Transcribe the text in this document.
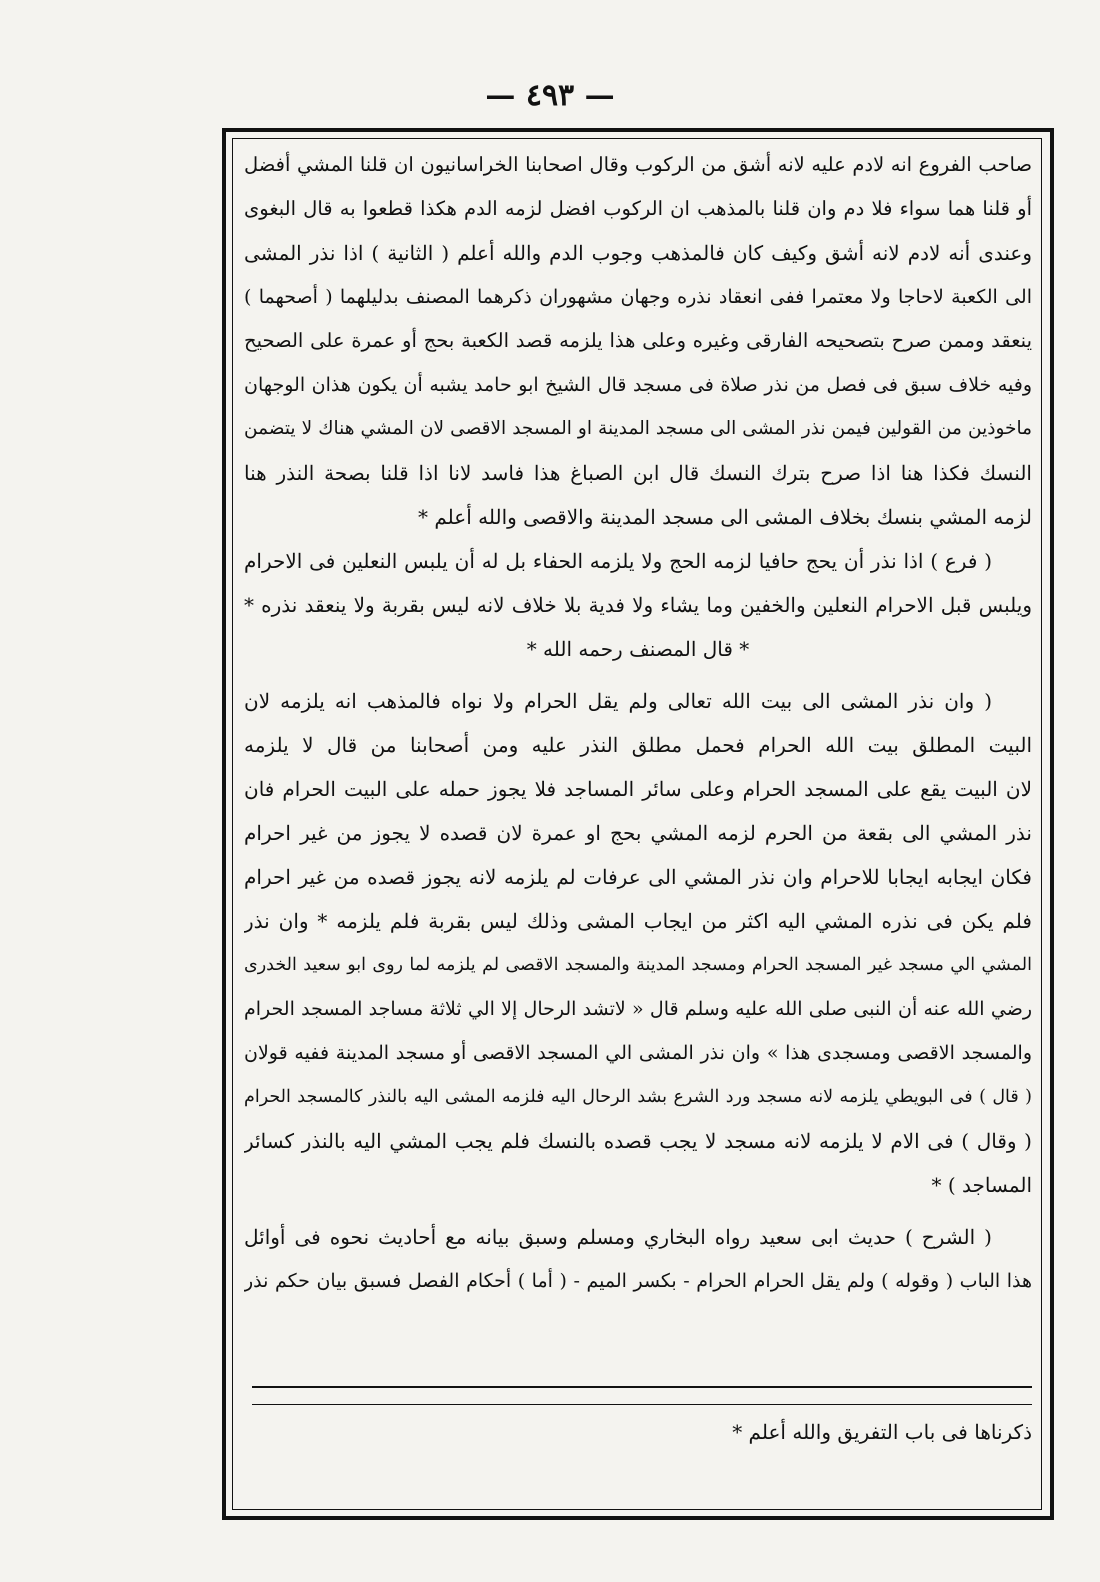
— ٤٩٣ —
صاحب الفروع انه لادم عليه لانه أشق من الركوب وقال اصحابنا الخراسانيون ان قلنا المشي أفضل
أو قلنا هما سواء فلا دم وان قلنا بالمذهب ان الركوب افضل لزمه الدم هكذا قطعوا به قال البغوى
وعندى أنه لادم لانه أشق وكيف كان فالمذهب وجوب الدم والله أعلم ( الثانية ) اذا نذر المشى
الى الكعبة لاحاجا ولا معتمرا ففى انعقاد نذره وجهان مشهوران ذكرهما المصنف بدليلهما ( أصحهما )
ينعقد وممن صرح بتصحيحه الفارقى وغيره وعلى هذا يلزمه قصد الكعبة بحج أو عمرة على الصحيح
وفيه خلاف سبق فى فصل من نذر صلاة فى مسجد قال الشيخ ابو حامد يشبه أن يكون هذان الوجهان
ماخوذين من القولين فيمن نذر المشى الى مسجد المدينة او المسجد الاقصى لان المشي هناك لا يتضمن
النسك فكذا هنا اذا صرح بترك النسك قال ابن الصباغ هذا فاسد لانا اذا قلنا بصحة النذر هنا
لزمه المشي بنسك بخلاف المشى الى مسجد المدينة والاقصى والله أعلم *
( فرع ) اذا نذر أن يحج حافيا لزمه الحج ولا يلزمه الحفاء بل له أن يلبس النعلين فى الاحرام
ويلبس قبل الاحرام النعلين والخفين وما يشاء ولا فدية بلا خلاف لانه ليس بقربة ولا ينعقد نذره *
* قال المصنف رحمه الله *
( وان نذر المشى الى بيت الله تعالى ولم يقل الحرام ولا نواه فالمذهب انه يلزمه لان
البيت المطلق بيت الله الحرام فحمل مطلق النذر عليه ومن أصحابنا من قال لا يلزمه
لان البيت يقع على المسجد الحرام وعلى سائر المساجد فلا يجوز حمله على البيت الحرام فان
نذر المشي الى بقعة من الحرم لزمه المشي بحج او عمرة لان قصده لا يجوز من غير احرام
فكان ايجابه ايجابا للاحرام وان نذر المشي الى عرفات لم يلزمه لانه يجوز قصده من غير احرام
فلم يكن فى نذره المشي اليه اكثر من ايجاب المشى وذلك ليس بقربة فلم يلزمه * وان نذر
المشي الي مسجد غير المسجد الحرام ومسجد المدينة والمسجد الاقصى لم يلزمه لما روى ابو سعيد الخدرى
رضي الله عنه أن النبى صلى الله عليه وسلم قال « لاتشد الرحال إلا الي ثلاثة مساجد المسجد الحرام
والمسجد الاقصى ومسجدى هذا » وان نذر المشى الي المسجد الاقصى أو مسجد المدينة ففيه قولان
( قال ) فى البويطي يلزمه لانه مسجد ورد الشرع بشد الرحال اليه فلزمه المشى اليه بالنذر كالمسجد الحرام
( وقال ) فى الام لا يلزمه لانه مسجد لا يجب قصده بالنسك فلم يجب المشي اليه بالنذر كسائر
المساجد ) *
( الشرح ) حديث ابى سعيد رواه البخاري ومسلم وسبق بيانه مع أحاديث نحوه فى أوائل
هذا الباب ( وقوله ) ولم يقل الحرام الحرام - بكسر الميم - ( أما ) أحكام الفصل فسبق بيان حكم نذر
ذكرناها فى باب التفريق والله أعلم *
